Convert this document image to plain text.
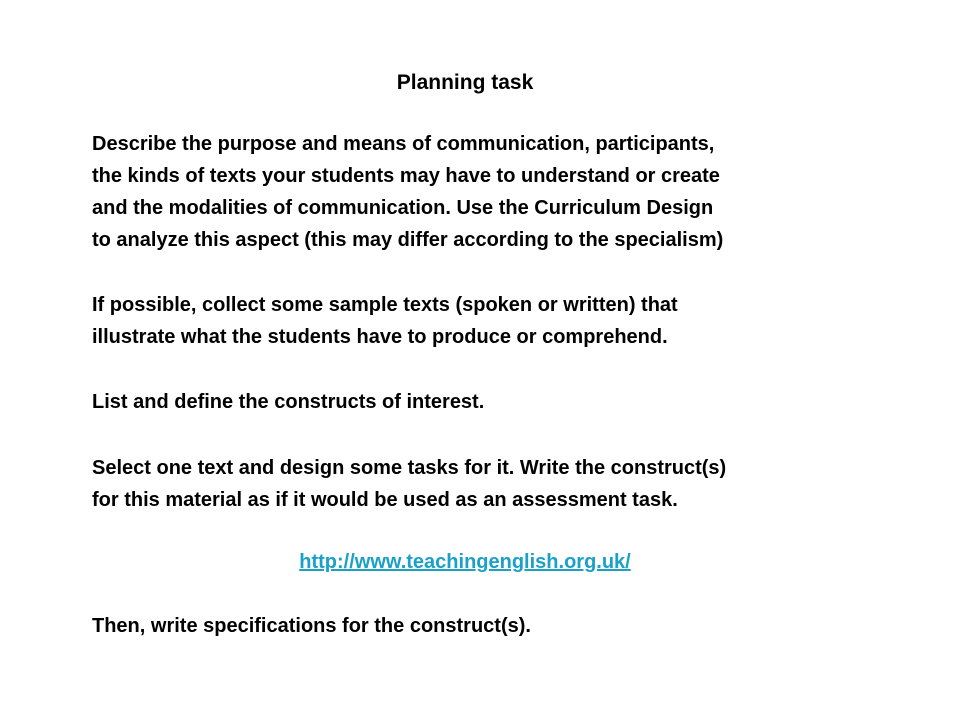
Planning task
Describe the purpose and means of communication, participants,
the kinds of texts your students may have to understand or create
and the modalities of communication. Use the Curriculum Design
to analyze this aspect (this may differ according to the specialism)
If possible, collect some sample texts (spoken or written) that
illustrate what the students have to produce or comprehend.
List and define the constructs of interest.
Select one text and design some tasks for it. Write the construct(s)
for this material as if it would be used as an assessment task.
http://www.teachingenglish.org.uk/
Then, write specifications for the construct(s).
